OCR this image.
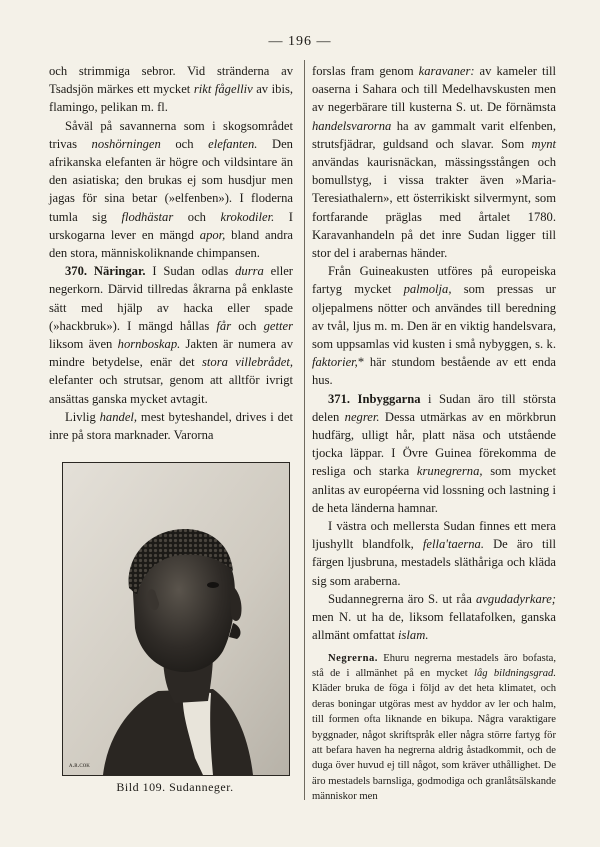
— 196 —

och strimmiga sebror. Vid stränderna av Tsadsjön märkes ett mycket rikt fågelliv av ibis, flamingo, pelikan m. fl.

Såväl på savannerna som i skogsområdet trivas noshörningen och elefanten. Den afrikanska elefanten är högre och vildsintare än den asiatiska; den brukas ej som husdjur men jagas för sina betar (»elfenben»). I floderna tumla sig flodhästar och krokodiler. I urskogarna lever en mängd apor, bland andra den stora, människoliknande chimpansen.

370. Näringar. I Sudan odlas durra eller negerkorn. Därvid tillredas åkrarna på enklaste sätt med hjälp av hacka eller spade (»hackbruk»). I mängd hållas får och getter liksom även hornboskap. Jakten är numera av mindre betydelse, enär det stora villebrådet, elefanter och strutsar, genom att alltför ivrigt ansättas ganska mycket avtagit.

Livlig handel, mest byteshandel, drives i det inre på stora marknader. Varorna

ᴀ.ʀ.ᴄᴏᴋ
Bild 109. Sudanneger.

forslas fram genom karavaner: av kameler till oaserna i Sahara och till Medelhavskusten men av negerbärare till kusterna S. ut. De förnämsta handelsvarorna ha av gammalt varit elfenben, strutsfjädrar, guldsand och slavar. Som mynt användas kaurisnäckan, mässingsstången och bomullstyg, i vissa trakter även »Maria-Teresiathalern», ett österrikiskt silvermynt, som fortfarande präglas med årtalet 1780. Karavanhandeln på det inre Sudan ligger till stor del i arabernas händer.

Från Guineakusten utföres på europeiska fartyg mycket palmolja, som pressas ur oljepalmens nötter och användes till beredning av tvål, ljus m. m. Den är en viktig handelsvara, som uppsamlas vid kusten i små nybyggen, s. k. faktorier,* här stundom bestående av ett enda hus.

371. Inbyggarna i Sudan äro till största delen negrer. Dessa utmärkas av en mörkbrun hudfärg, ulligt hår, platt näsa och utstående tjocka läppar. I Övre Guinea förekomma de resliga och starka krunegrerna, som mycket anlitas av européerna vid lossning och lastning i de heta länderna hamnar.

I västra och mellersta Sudan finnes ett mera ljushyllt blandfolk, fella'taerna. De äro till färgen ljusbruna, mestadels släthåriga och kläda sig som araberna.

Sudannegrerna äro S. ut råa avgudadyrkare; men N. ut ha de, liksom fellatafolken, ganska allmänt omfattat islam.

Negrerna. Ehuru negrerna mestadels äro bofasta, stå de i allmänhet på en mycket låg bildningsgrad. Kläder bruka de föga i följd av det heta klimatet, och deras boningar utgöras mest av hyddor av ler och halm, till formen ofta liknande en bikupa. Några varaktigare byggnader, något skriftspråk eller några större fartyg för att befara haven ha negrerna aldrig åstadkommit, och de duga över huvud ej till något, som kräver uthållighet. De äro mestadels barnsliga, godmodiga och granlåtsälskande människor men
